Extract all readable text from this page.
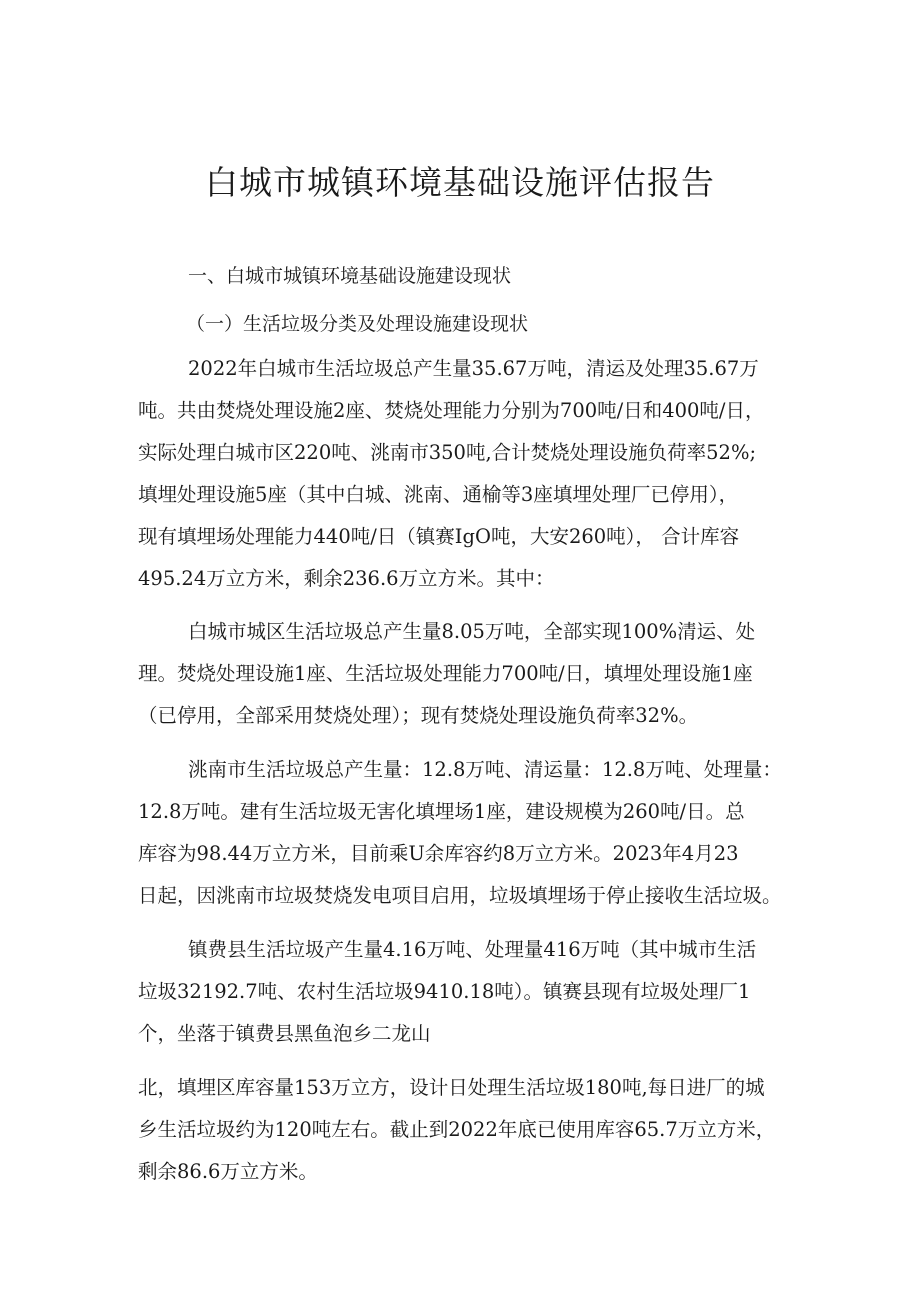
白城市城镇环境基础设施评估报告
一、白城市城镇环境基础设施建设现状
（一）生活垃圾分类及处理设施建设现状
2022年白城市生活垃圾总产生量35.67万吨，清运及处理35.67万
吨。共由焚烧处理设施2座、焚烧处理能力分别为700吨/日和400吨/日，
实际处理白城市区220吨、洮南市350吨,合计焚烧处理设施负荷率52%;
填埋处理设施5座（其中白城、洮南、通榆等3座填埋处理厂已停用），
现有填埋场处理能力440吨/日（镇赛IgO吨，大安260吨）， 合计库容
495.24万立方米，剩余236.6万立方米。其中：
白城市城区生活垃圾总产生量8.05万吨，全部实现100%清运、处
理。焚烧处理设施1座、生活垃圾处理能力700吨/日，填埋处理设施1座
（已停用，全部采用焚烧处理）；现有焚烧处理设施负荷率32%。
洮南市生活垃圾总产生量：12.8万吨、清运量：12.8万吨、处理量：
12.8万吨。建有生活垃圾无害化填埋场1座，建设规模为260吨/日。总
库容为98.44万立方米，目前乘U余库容约8万立方米。2023年4月23
日起，因洮南市垃圾焚烧发电项目启用，垃圾填埋场于停止接收生活垃圾。
镇费县生活垃圾产生量4.16万吨、处理量416万吨（其中城市生活
垃圾32192.7吨、农村生活垃圾9410.18吨）。镇赛县现有垃圾处理厂1
个，坐落于镇费县黑鱼泡乡二龙山
北，填埋区库容量153万立方，设计日处理生活垃圾180吨,每日进厂的城
乡生活垃圾约为120吨左右。截止到2022年底已使用库容65.7万立方米，
剩余86.6万立方米。
